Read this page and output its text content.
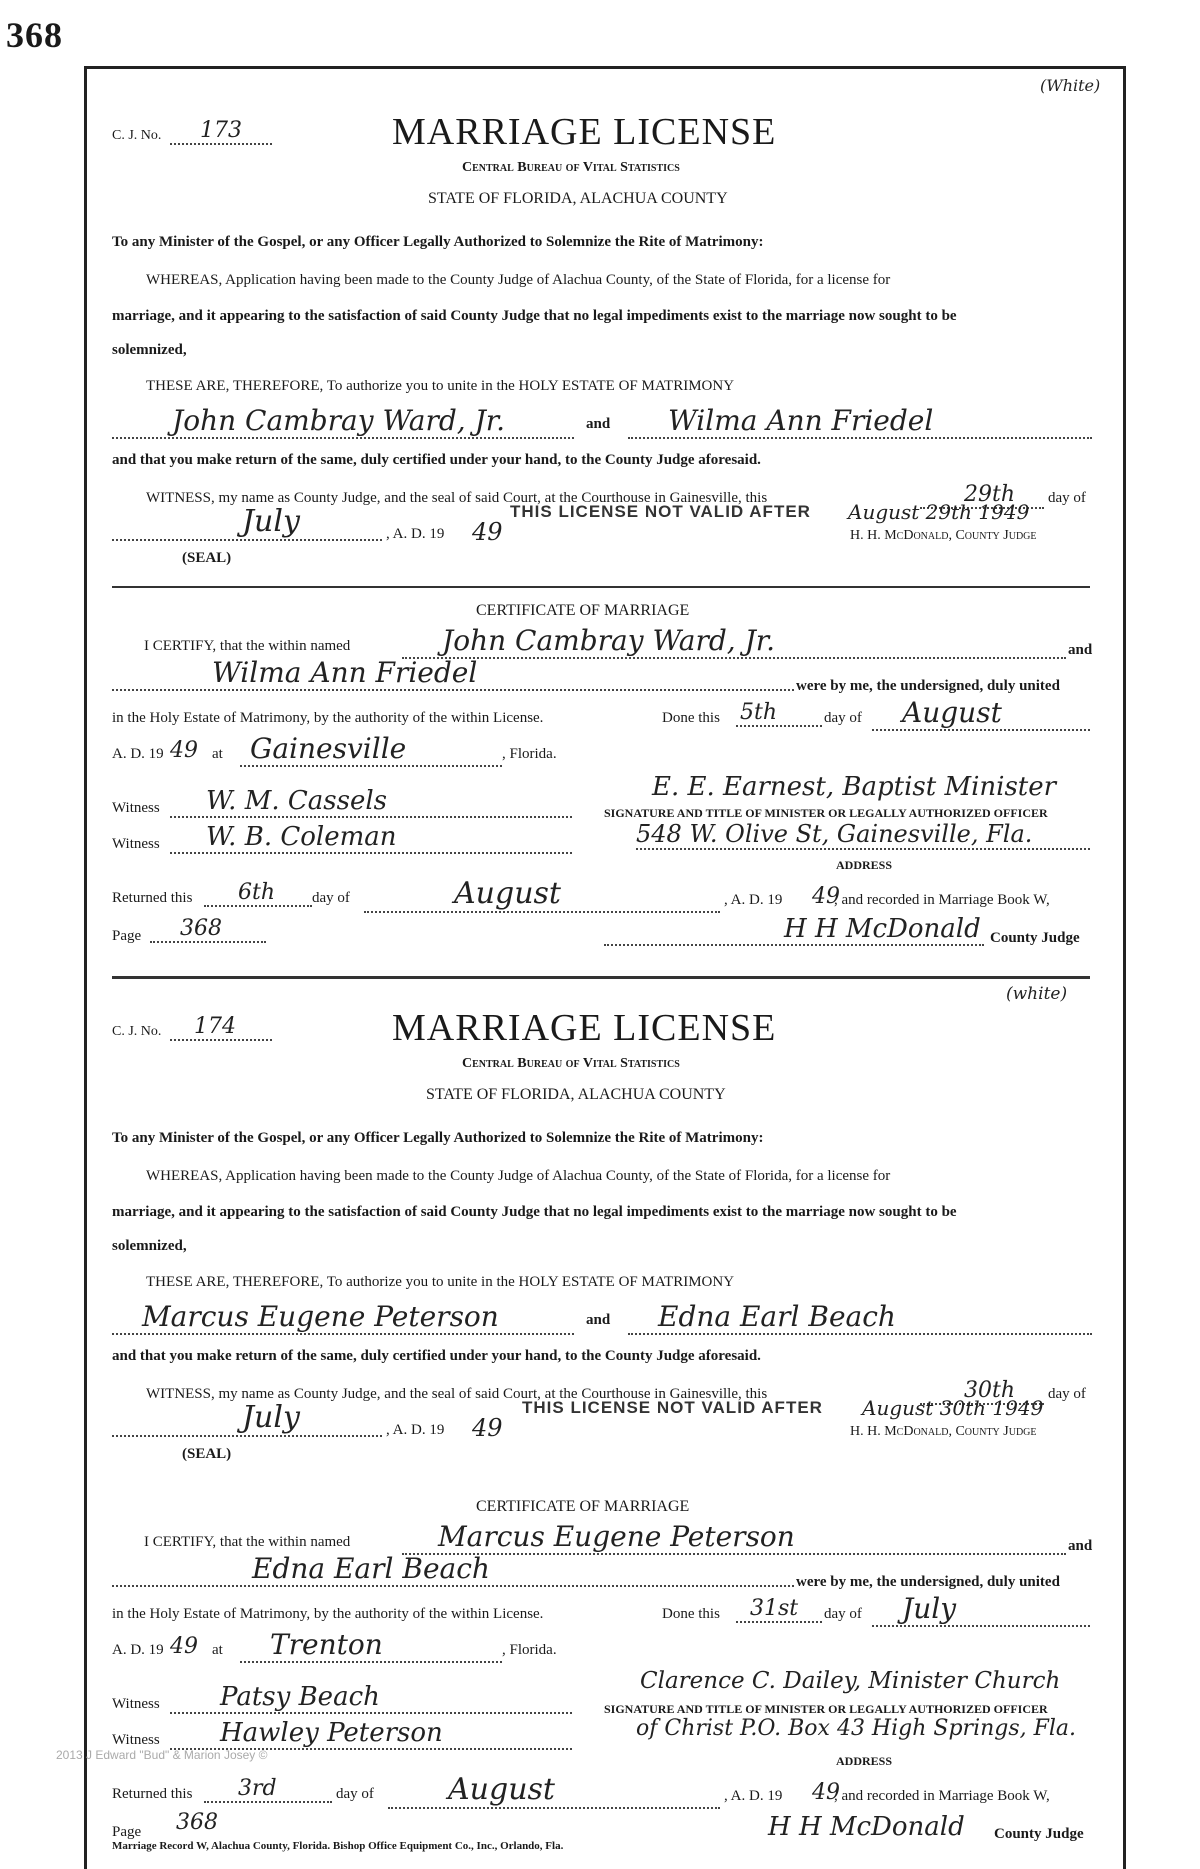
368
(White)
C. J. No.	173	MARRIAGE LICENSE
Central Bureau of Vital Statistics
STATE OF FLORIDA, ALACHUA COUNTY
To any Minister of the Gospel, or any Officer Legally Authorized to Solemnize the Rite of Matrimony:
WHEREAS, Application having been made to the County Judge of Alachua County, of the State of Florida, for a license for
marriage, and it appearing to the satisfaction of said County Judge that no legal impediments exist to the marriage now sought to be
solemnized,
THESE ARE, THEREFORE, To authorize you to unite in the HOLY ESTATE OF MATRIMONY
John Cambray Ward, Jr.	and	Wilma Ann Friedel
and that you make return of the same, duly certified under your hand, to the County Judge aforesaid.
WITNESS, my name as County Judge, and the seal of said Court, at the Courthouse in Gainesville, this	29th	day of
July	, A. D. 19 49
THIS LICENSE NOT VALID AFTER August 29th 1949
H. H. McDonald, County Judge
(SEAL)
CERTIFICATE OF MARRIAGE
I CERTIFY, that the within named	John Cambray Ward, Jr.	and
Wilma Ann Friedel	were by me, the undersigned, duly united
in the Holy Estate of Matrimony, by the authority of the within License.	Done this 5th	day of	August
A. D. 19 49 at Gainesville	, Florida.
Witness	W. M. Cassels	E. E. Earnest, Baptist Minister
SIGNATURE AND TITLE OF MINISTER OR LEGALLY AUTHORIZED OFFICER
Witness	W. B. Coleman	548 W. Olive St, Gainesville, Fla.
ADDRESS
Returned this	6th	day of	August	, A. D. 19 49
, and recorded in Marriage Book W,
Page	368	H H McDonald County Judge
(white)
C. J. No.	174	MARRIAGE LICENSE
Central Bureau of Vital Statistics
STATE OF FLORIDA, ALACHUA COUNTY
To any Minister of the Gospel, or any Officer Legally Authorized to Solemnize the Rite of Matrimony:
WHEREAS, Application having been made to the County Judge of Alachua County, of the State of Florida, for a license for
marriage, and it appearing to the satisfaction of said County Judge that no legal impediments exist to the marriage now sought to be
solemnized,
THESE ARE, THEREFORE, To authorize you to unite in the HOLY ESTATE OF MATRIMONY
Marcus Eugene Peterson	and	Edna Earl Beach
and that you make return of the same, duly certified under your hand, to the County Judge aforesaid.
WITNESS, my name as County Judge, and the seal of said Court, at the Courthouse in Gainesville, this	30th	day of
July	, A. D. 19 49
THIS LICENSE NOT VALID AFTER August 30th 1949
H. H. McDonald, County Judge
(SEAL)
CERTIFICATE OF MARRIAGE
I CERTIFY, that the within named	Marcus Eugene Peterson	and
Edna Earl Beach	were by me, the undersigned, duly united
in the Holy Estate of Matrimony, by the authority of the within License.	Done this	31st	day of	July
A. D. 19 49 at	Trenton	, Florida.
Witness	Patsy Beach
Clarence C. Dailey, Minister Church
SIGNATURE AND TITLE OF MINISTER OR LEGALLY AUTHORIZED OFFICER
Witness	Hawley Peterson	of Christ P.O. Box 43 High Springs, Fla.
ADDRESS
Returned this	3rd	day of	August	, A. D. 19 49
, and recorded in Marriage Book W,
Page 368	H H McDonald County Judge
2013 J Edward "Bud" & Marion Josey ©
Marriage Record W, Alachua County, Florida. Bishop Office Equipment Co., Inc., Orlando, Fla.
